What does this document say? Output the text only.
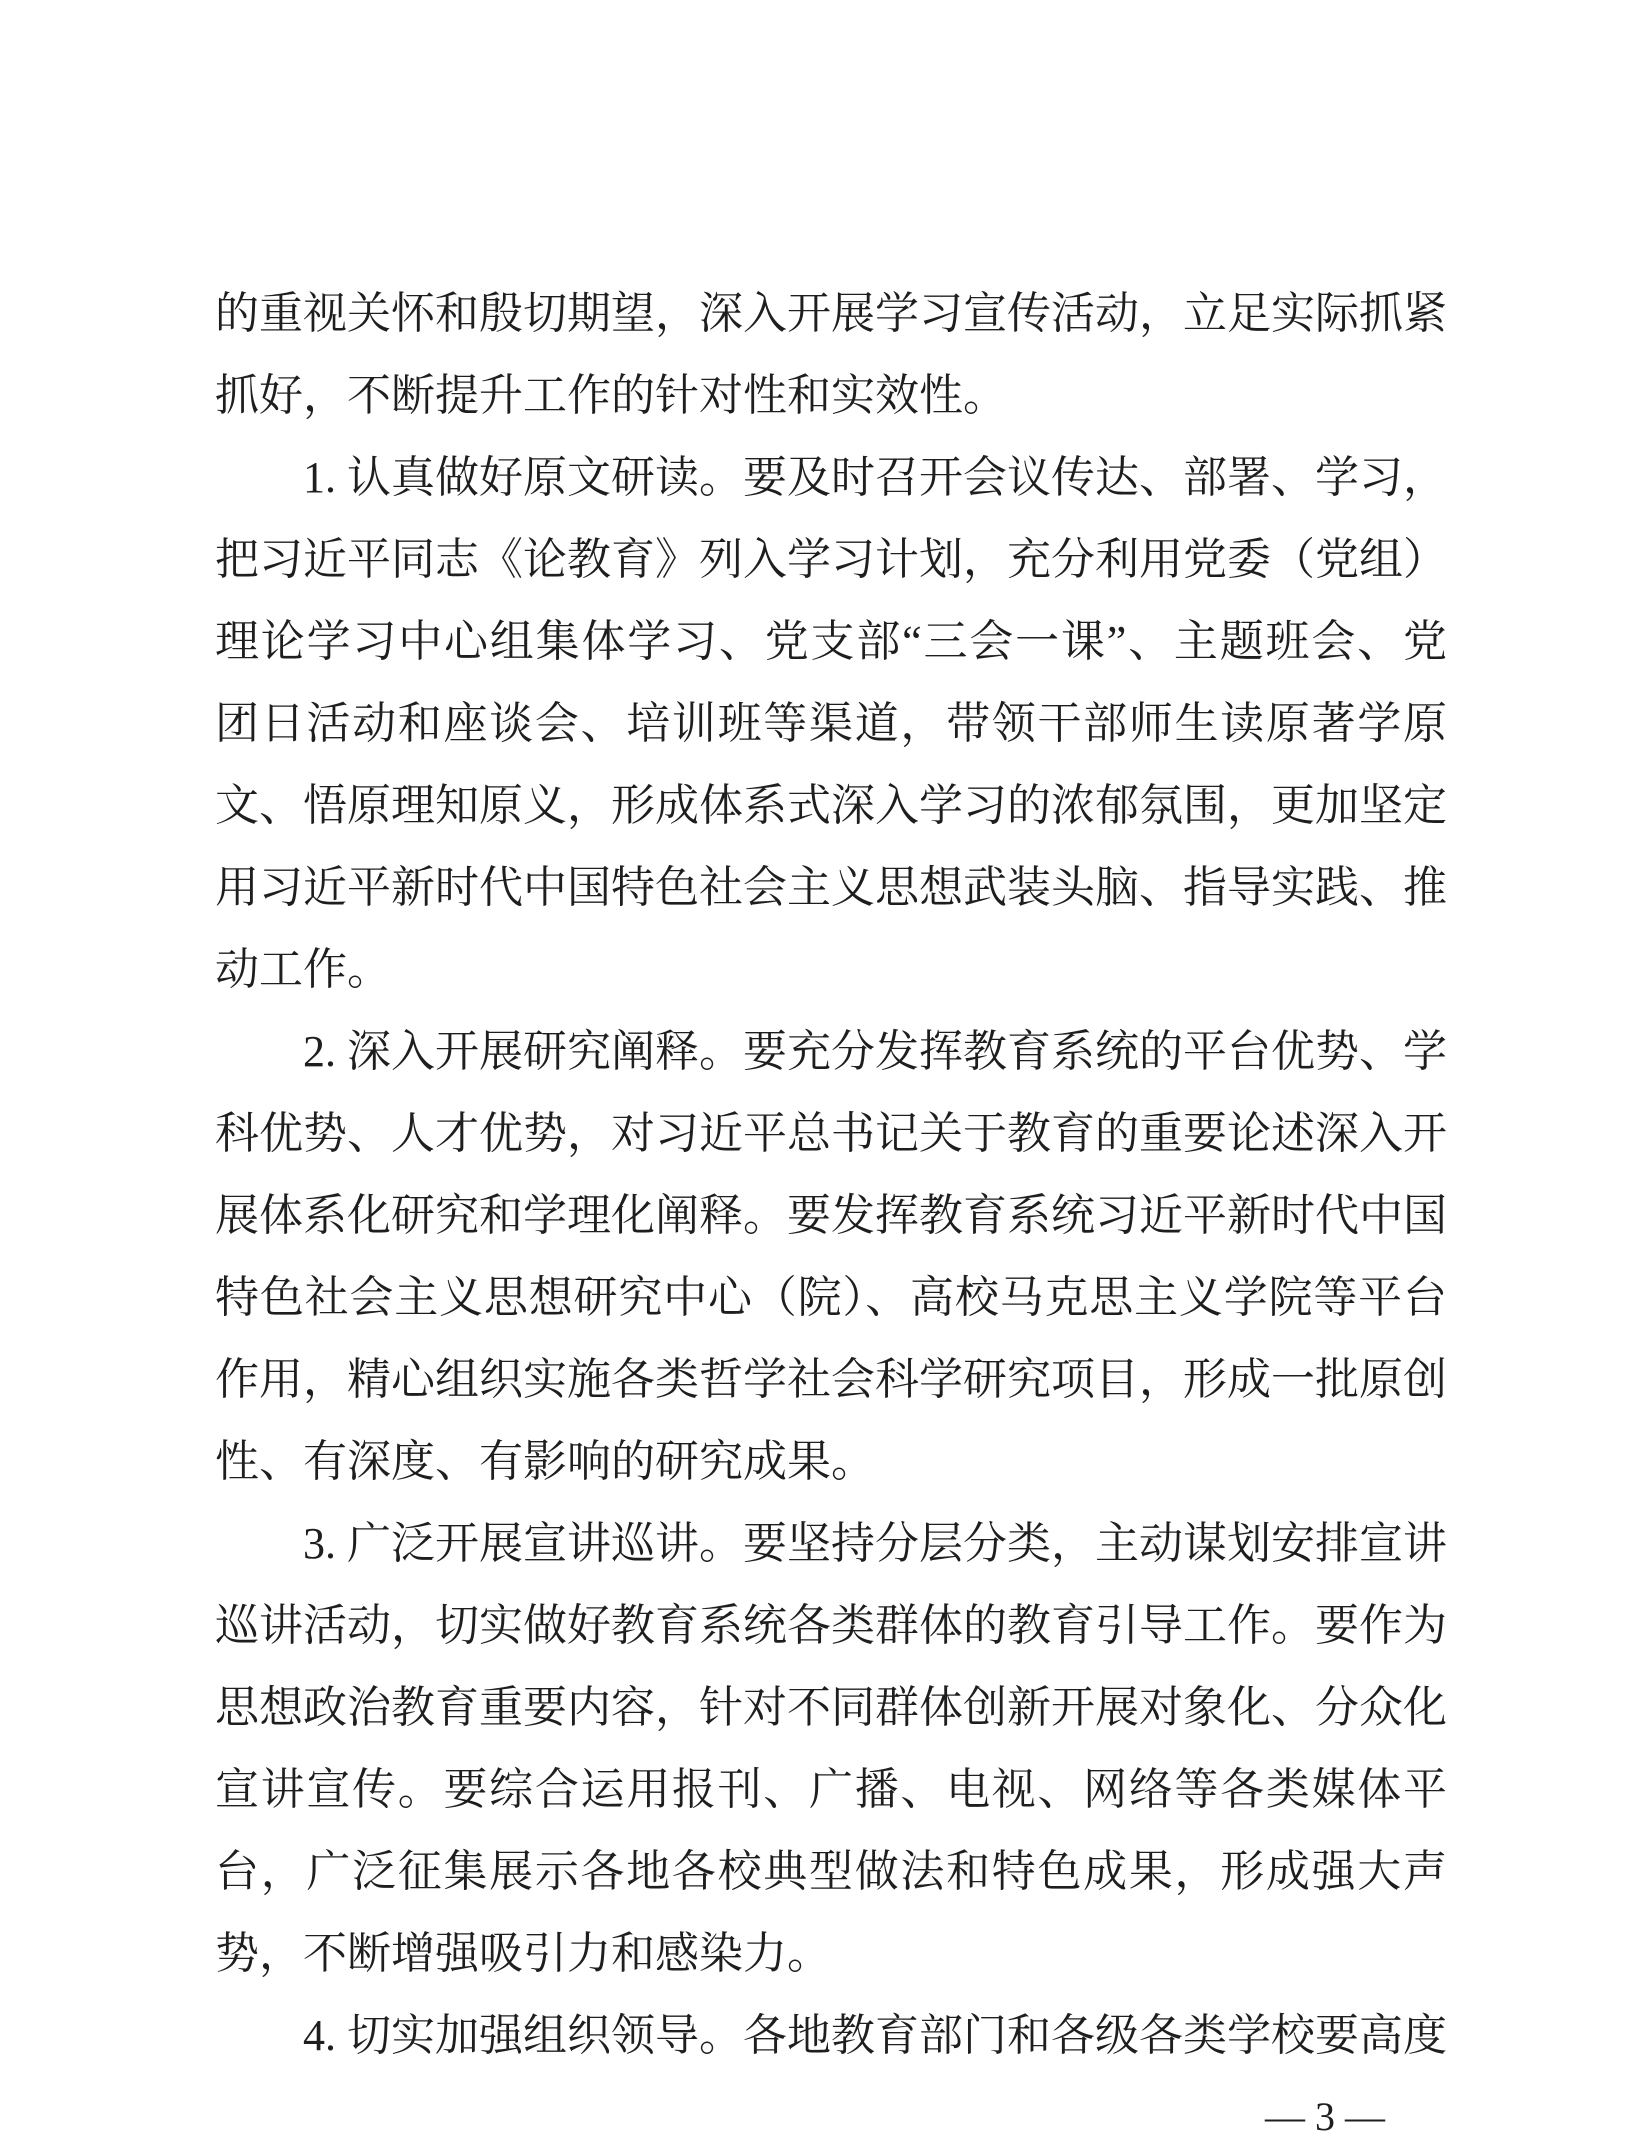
的重视关怀和殷切期望，深入开展学习宣传活动，立足实际抓紧
抓好，不断提升工作的针对性和实效性。
1. 认真做好原文研读。要及时召开会议传达、部署、学习，
把习近平同志《论教育》列入学习计划，充分利用党委（党组）
理论学习中心组集体学习、党支部“三会一课”、主题班会、党
团日活动和座谈会、培训班等渠道，带领干部师生读原著学原
文、悟原理知原义，形成体系式深入学习的浓郁氛围，更加坚定
用习近平新时代中国特色社会主义思想武装头脑、指导实践、推
动工作。
2. 深入开展研究阐释。要充分发挥教育系统的平台优势、学
科优势、人才优势，对习近平总书记关于教育的重要论述深入开
展体系化研究和学理化阐释。要发挥教育系统习近平新时代中国
特色社会主义思想研究中心（院）、高校马克思主义学院等平台
作用，精心组织实施各类哲学社会科学研究项目，形成一批原创
性、有深度、有影响的研究成果。
3. 广泛开展宣讲巡讲。要坚持分层分类，主动谋划安排宣讲
巡讲活动，切实做好教育系统各类群体的教育引导工作。要作为
思想政治教育重要内容，针对不同群体创新开展对象化、分众化
宣讲宣传。要综合运用报刊、广播、电视、网络等各类媒体平
台，广泛征集展示各地各校典型做法和特色成果，形成强大声
势，不断增强吸引力和感染力。
4. 切实加强组织领导。各地教育部门和各级各类学校要高度
— 3 —
